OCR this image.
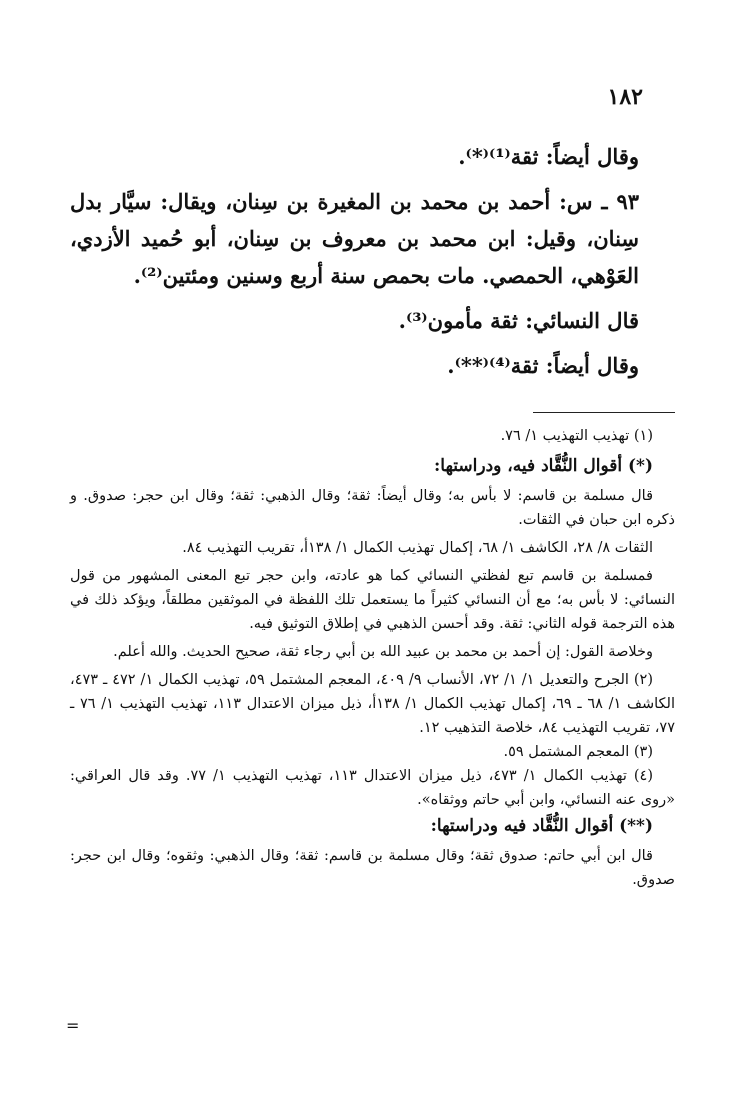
١٨٢

وقال أيضاً: ثقة⁽¹⁾⁽*⁾.

٩٣ ـ س: أحمد بن محمد بن المغيرة بن سِنان، ويقال: سيَّار بدل سِنان، وقيل: ابن محمد بن معروف بن سِنان، أبو حُميد الأزدي، العَوْهي، الحمصي. مات بحمص سنة أربع وسنين ومئتين⁽²⁾.

قال النسائي: ثقة مأمون⁽³⁾.

وقال أيضاً: ثقة⁽⁴⁾⁽**⁾.

(١) تهذيب التهذيب ١/ ٧٦.

(*) أقوال النُّقَّاد فيه، ودراستها:

قال مسلمة بن قاسم: لا بأس به؛ وقال أيضاً: ثقة؛ وقال الذهبي: ثقة؛ وقال ابن حجر: صدوق. و ذكره ابن حبان في الثقات.

الثقات ٨/ ٢٨، الكاشف ١/ ٦٨، إكمال تهذيب الكمال ١/ ١٣٨أ، تقريب التهذيب ٨٤.

فمسلمة بن قاسم تبع لفظتي النسائي كما هو عادته، وابن حجر تبع المعنى المشهور من قول النسائي: لا بأس به؛ مع أن النسائي كثيراً ما يستعمل تلك اللفظة في الموثقين مطلقاً، ويؤكد ذلك في هذه الترجمة قوله الثاني: ثقة. وقد أحسن الذهبي في إطلاق التوثيق فيه.

وخلاصة القول: إن أحمد بن محمد بن عبيد الله بن أبي رجاء ثقة، صحيح الحديث. والله أعلم.

(٢) الجرح والتعديل ١/ ١/ ٧٢، الأنساب ٩/ ٤٠٩، المعجم المشتمل ٥٩، تهذيب الكمال ١/ ٤٧٢ ـ ٤٧٣، الكاشف ١/ ٦٨ ـ ٦٩، إكمال تهذيب الكمال ١/ ١٣٨أ، ذيل ميزان الاعتدال ١١٣، تهذيب التهذيب ١/ ٧٦ ـ ٧٧، تقريب التهذيب ٨٤، خلاصة التذهيب ١٢.

(٣) المعجم المشتمل ٥٩.

(٤) تهذيب الكمال ١/ ٤٧٣، ذيل ميزان الاعتدال ١١٣، تهذيب التهذيب ١/ ٧٧. وقد قال العراقي: «روى عنه النسائي، وابن أبي حاتم ووثقاه».

(**) أقوال النُّقَّاد فيه ودراستها:

قال ابن أبي حاتم: صدوق ثقة؛ وقال مسلمة بن قاسم: ثقة؛ وقال الذهبي: وثقوه؛ وقال ابن حجر: صدوق.

=
